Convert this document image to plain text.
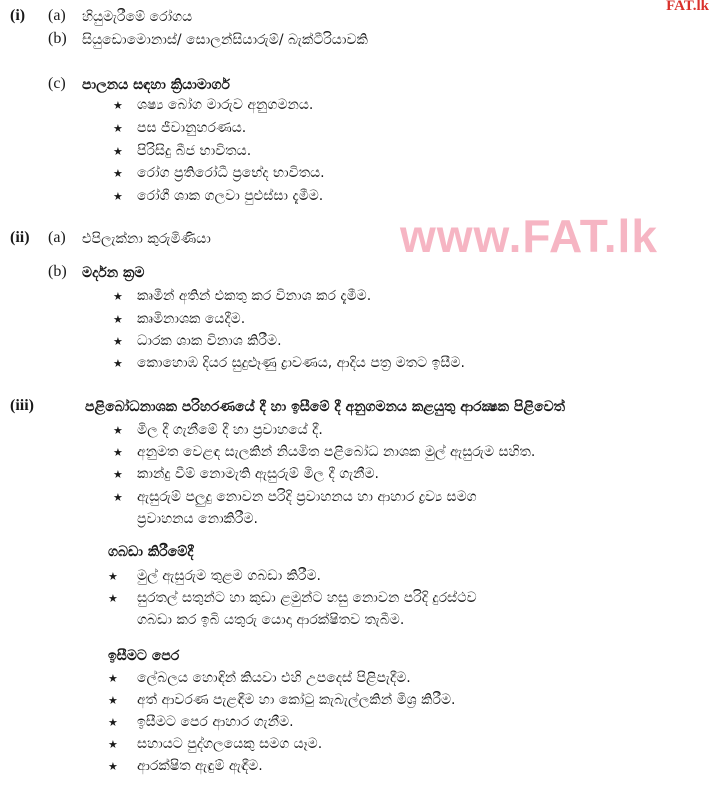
www.FAT.lk
FAT.lk
(i) (a) හියුමැරීමේ රෝගය
(b) සියුඩොමොනාස්/ සොලන්සියාරුම්/ බැක්ටීරියාවකි
(c) පාලනය සඳහා ක්‍රියාමාර්ග
(ii) (a) එපිලැක්නා කුරුමිණියා
(b) මර්දන ක්‍රම
(iii)	පළිබෝධනාශක පරිහරණයේ දී හා ඉසීමේ දී අනුගමනය කළයුතු ආරක්‍ෂක පිළිවෙත්
ගබඩා කිරීමේදී
ඉසීමට පෙර
★ ශෂ්‍ය බෝග මාරුව අනුගමනය.
★ පස ජීවානුහරණය.
★ පිරිසිදු බීජ භාවිතය.
★ රෝග ප්‍රතිරෝධී ප්‍රභේද භාවිතය.
★ රෝගී ශාක ගලවා පුළුස්සා දැමීම.
★ කෘමීන් අතින් එකතු කර විනාශ කර දැමීම.
★ කෘමිනාශක යෙදීම.
★ ධාරක ශාක විනාශ කිරීම.
★ කොහොඹ දියර සුදුළූණු ද්‍රාවණය, ආදිය පත්‍ර මතට ඉසීම.
★ මිල දී ගැනීමේ දී හා ප්‍රවාහයේ දී.
★ අනුමත වෙළඳ සැලකින් නියමිත පළිබෝධ නාශක මුල් ඇසුරුම සහිත.
★ කාන්දු වීම් නොමැති ඇසුරුම් මිල දී ගැනීම.
★ ඇසුරුම් පලුදු නොවන පරිදි ප්‍රවාහනය හා ආහාර ද්‍රව්‍ය සමග
ප්‍රවාහනය නොකිරීම.
★ මුල් ඇසුරුම තුළම ගබඩා කිරීම.
★ සුරතල් සතුන්ට හා කුඩා ළමුන්ට හසු නොවන පරිදි දුරස්ථව
ගබඩා කර ඉබි යතුරු යොදා ආරක්ෂිතව තැබීම.
★ ලේබලය හොඳින් කියවා එහි උපදෙස් පිළිපැදීම.
★ අත් ආවරණ පැළඳීම හා කෝටු කැබැල්ලකින් මිශ්‍ර කිරීම.
★ ඉසීමට පෙර ආහාර ගැනීම.
★ සහායට පුද්ගලයෙකු සමග යෑම.
★ ආරක්ෂිත ඇඳුම් ඇඳීම.
